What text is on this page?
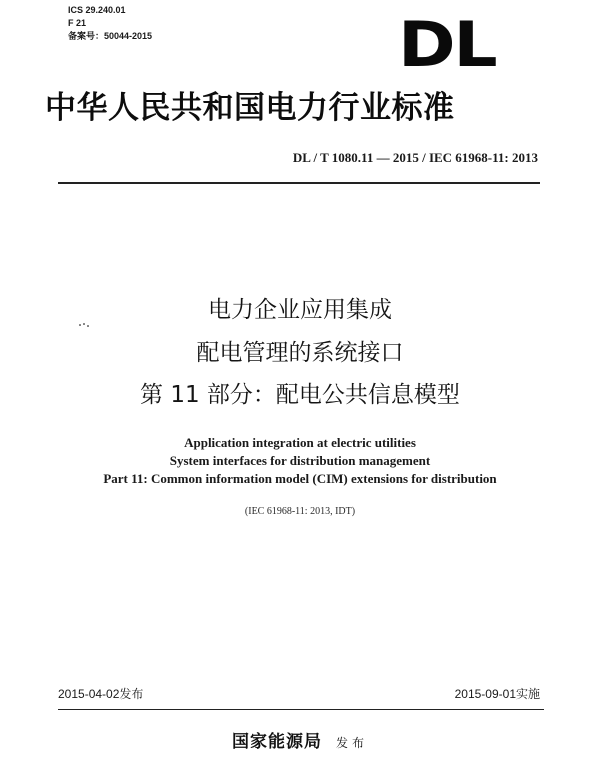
ICS 29.240.01
F 21
备案号：50044-2015	DL
中华人民共和国电力行业标准
DL / T 1080.11 — 2015 / IEC 61968-11: 2013
电力企业应用集成
配电管理的系统接口
第 11 部分：配电公共信息模型
Application integration at electric utilities
System interfaces for distribution management
Part 11: Common information model (CIM) extensions for distribution
(IEC 61968-11: 2013, IDT)
2015-04-02发布	2015-09-01实施
国家能源局 发布
